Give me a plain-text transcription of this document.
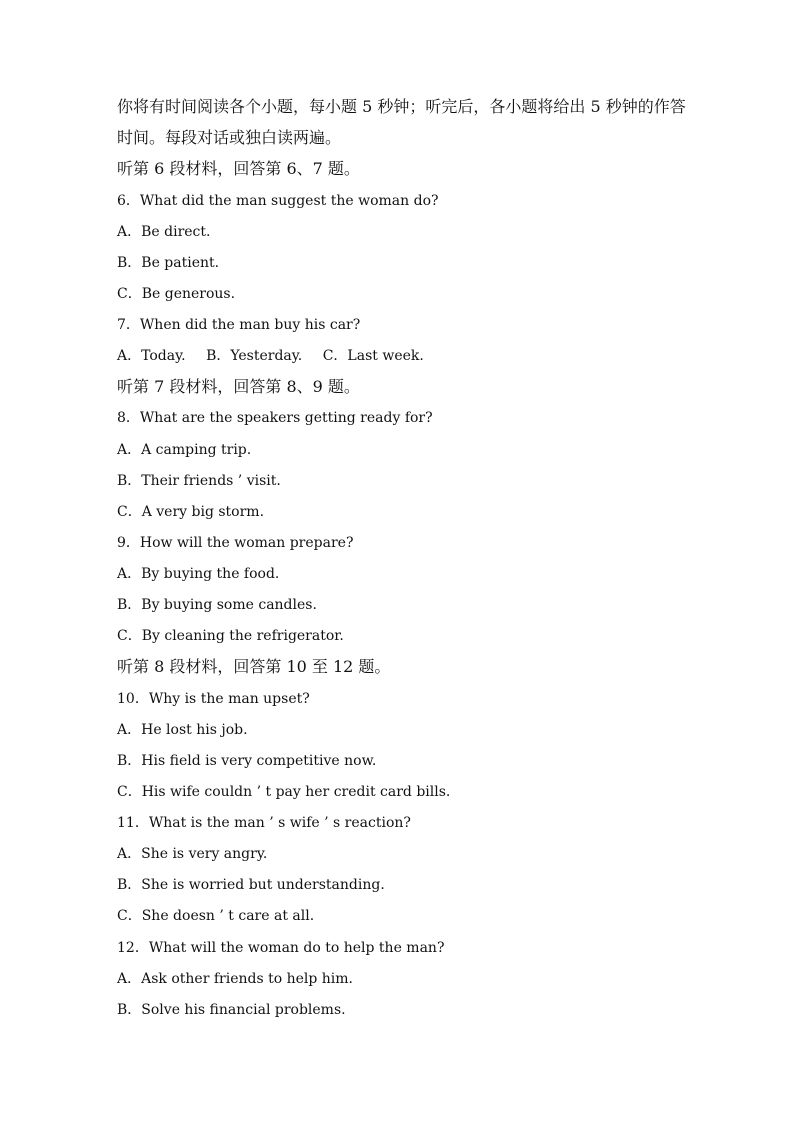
你将有时间阅读各个小题，每小题 5 秒钟；听完后，各小题将给出 5 秒钟的作答
时间。每段对话或独白读两遍。
听第 6 段材料，回答第 6、7 题。
6．What did the man suggest the woman do?
A．Be direct.
B．Be patient.
C．Be generous.
7．When did the man buy his car?
A．Today. B．Yesterday. C．Last week.
听第 7 段材料，回答第 8、9 题。
8．What are the speakers getting ready for?
A．A camping trip.
B．Their friends ’ visit.
C．A very big storm.
9．How will the woman prepare?
A．By buying the food.
B．By buying some candles.
C．By cleaning the refrigerator.
听第 8 段材料，回答第 10 至 12 题。
10．Why is the man upset?
A．He lost his job.
B．His field is very competitive now.
C．His wife couldn ’ t pay her credit card bills.
11．What is the man ’ s wife ’ s reaction?
A．She is very angry.
B．She is worried but understanding.
C．She doesn ’ t care at all.
12．What will the woman do to help the man?
A．Ask other friends to help him.
B．Solve his financial problems.
